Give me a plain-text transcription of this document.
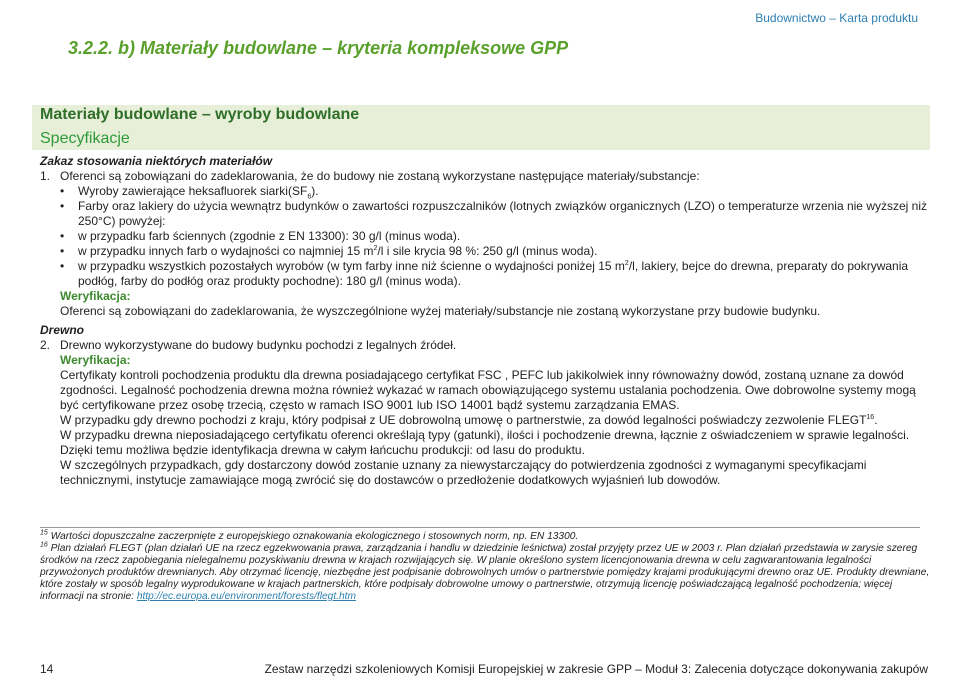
Budownictwo – Karta produktu
3.2.2. b) Materiały budowlane – kryteria kompleksowe GPP
Materiały budowlane – wyroby budowlane
Specyfikacje

Zakaz stosowania niektórych materiałów

1. Oferenci są zobowiązani do zadeklarowania, że do budowy nie zostaną wykorzystane następujące materiały/substancje:

•
Wyroby zawierające heksafluorek $siarki(SF_6)$.

•
Farby oraz lakiery do użycia wewnątrz budynków o zawartości rozpuszczalników (lotnych związków organicznych (LZO) o temperaturze wrzenia nie wyższej niż 250°C) powyżej:

•
w przypadku farb ściennych (zgodnie z EN 13300): 30 g/l (minus woda).

•
w przypadku innych farb o wydajności co najmniej 15 $m^2/l$ i sile krycia 98 %: 250 g/l (minus woda).

•
w przypadku wszystkich pozostałych wyrobów (w tym farby inne niż ścienne o wydajności poniżej 15 $m^2/l$, lakiery, bejce do drewna, preparaty do pokrywania podłóg, farby do podłóg oraz produkty pochodne): 180 g/l (minus woda).

Weryfikacja:

Oferenci są zobowiązani do zadeklarowania, że wyszczególnione wyżej materiały/substancje nie zostaną wykorzystane przy budowie budynku.

Drewno

2. Drewno wykorzystywane do budowy budynku pochodzi z legalnych źródeł.

Weryfikacja:

Certyfikaty kontroli pochodzenia produktu dla drewna posiadającego certyfikat FSC , PEFC lub jakikolwiek inny równoważny dowód, zostaną uznane za dowód zgodności. Legalność pochodzenia drewna można również wykazać w ramach obowiązującego systemu ustalania pochodzenia. Owe dobrowolne systemy mogą być certyfikowane przez osobę trzecią, często w ramach ISO 9001 lub ISO 14001 bądź systemu zarządzania EMAS.

W przypadku gdy drewno pochodzi z kraju, który podpisał z UE dobrowolną umowę o partnerstwie, za dowód legalności poświadczy zezwolenie FLEGT$^{16}$.

W przypadku drewna nieposiadającego certyfikatu oferenci określają typy (gatunki), ilości i pochodzenie drewna, łącznie z oświadczeniem w sprawie legalności.

Dzięki temu możliwa będzie identyfikacja drewna w całym łańcuchu produkcji: od lasu do produktu.

W szczególnych przypadkach, gdy dostarczony dowód zostanie uznany za niewystarczający do potwierdzenia zgodności z wymaganymi specyfikacjami technicznymi, instytucje zamawiające mogą zwrócić się do dostawców o przedłożenie dodatkowych wyjaśnień lub dowodów.

$^{15}$ Wartości dopuszczalne zaczerpnięte z europejskiego oznakowania ekologicznego i stosownych norm, np. EN 13300.

$^{16}$ Plan działań FLEGT (plan działań UE na rzecz egzekwowania prawa, zarządzania i handlu w dziedzinie leśnictwa) został przyjęty przez UE w 2003 r. Plan działań przedstawia w zarysie szereg środków na rzecz zapobiegania nielegalnemu pozyskiwaniu drewna w krajach rozwijających się. W planie określono system licencjonowania drewna w celu zagwarantowania legalności przywożonych produktów drewnianych. Aby otrzymać licencję, niezbędne jest podpisanie dobrowolnych umów o partnerstwie pomiędzy krajami produkującymi drewno oraz UE. Produkty drewniane, które zostały w sposób legalny wyprodukowane w krajach partnerskich, które podpisały dobrowolne umowy o partnerstwie, otrzymują licencję poświadczającą legalność pochodzenia; więcej informacji na stronie: http://ec.europa.eu/environment/forests/flegt.htm

14	Zestaw narzędzi szkoleniowych Komisji Europejskiej w zakresie GPP – Moduł 3: Zalecenia dotyczące dokonywania zakupów
